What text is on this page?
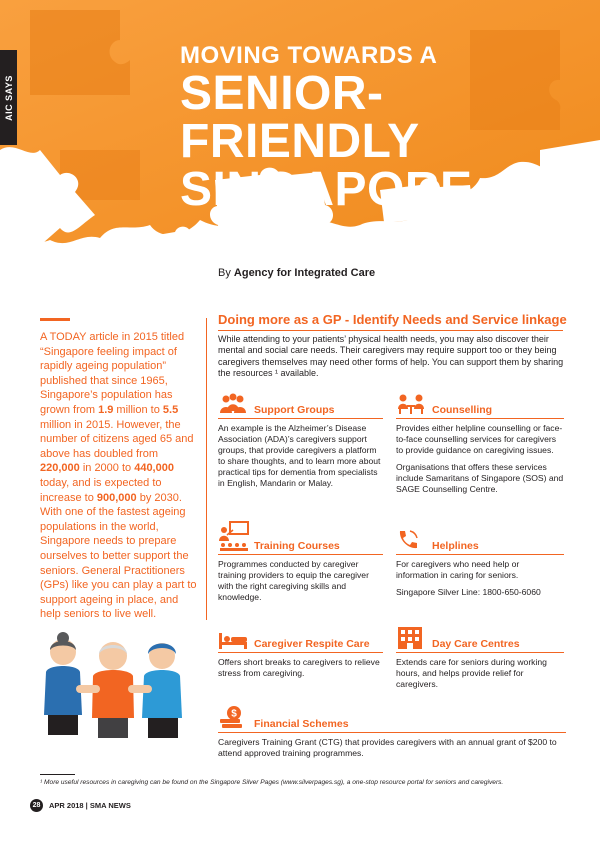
AIC SAYS
MOVING TOWARDS A
SENIOR-
FRIENDLY
SINGAPORE
By Agency for Integrated Care
A TODAY article in 2015 titled “Singapore feeling impact of rapidly ageing population” published that since 1965, Singapore’s population has grown from 1.9 million to 5.5 million in 2015. However, the number of citizens aged 65 and above has doubled from 220,000 in 2000 to 440,000 today, and is expected to increase to 900,000 by 2030. With one of the fastest ageing populations in the world, Singapore needs to prepare ourselves to better support the seniors. General Practitioners (GPs) like you can play a part to support ageing in place, and help seniors to live well.
Doing more as a GP - Identify Needs and Service linkage
While attending to your patients’ physical health needs, you may also discover their mental and social care needs. Their caregivers may require support too or they being caregivers themselves may need other forms of help. You can support them by sharing the resources ¹ available.
Support Groups

An example is the Alzheimer’s Disease Association (ADA)’s caregivers support groups, that provide caregivers a platform to share thoughts, and to learn more about practical tips for dementia from specialists in English, Mandarin or Malay.

Counselling

Provides either helpline counselling or face-to-face counselling services for caregivers to provide guidance on caregiving issues.

Organisations that offers these services include Samaritans of Singapore (SOS) and SAGE Counselling Centre.

Training Courses

Programmes conducted by caregiver training providers to equip the caregiver with the right caregiving skills and knowledge.

Helplines

For caregivers who need help or information in caring for seniors.

Singapore Silver Line: 1800-650-6060

Caregiver Respite Care

Offers short breaks to caregivers to relieve stress from caregiving.

Day Care Centres

Extends care for seniors during working hours, and helps provide relief for caregivers.

$
Financial Schemes

Caregivers Training Grant (CTG) that provides caregivers with an annual grant of $200 to attend approved training programmes.

¹ More useful resources in caregiving can be found on the Singapore Silver Pages (www.silverpages.sg), a one-stop resource portal for seniors and caregivers.
28	APR 2018 | SMA NEWS
